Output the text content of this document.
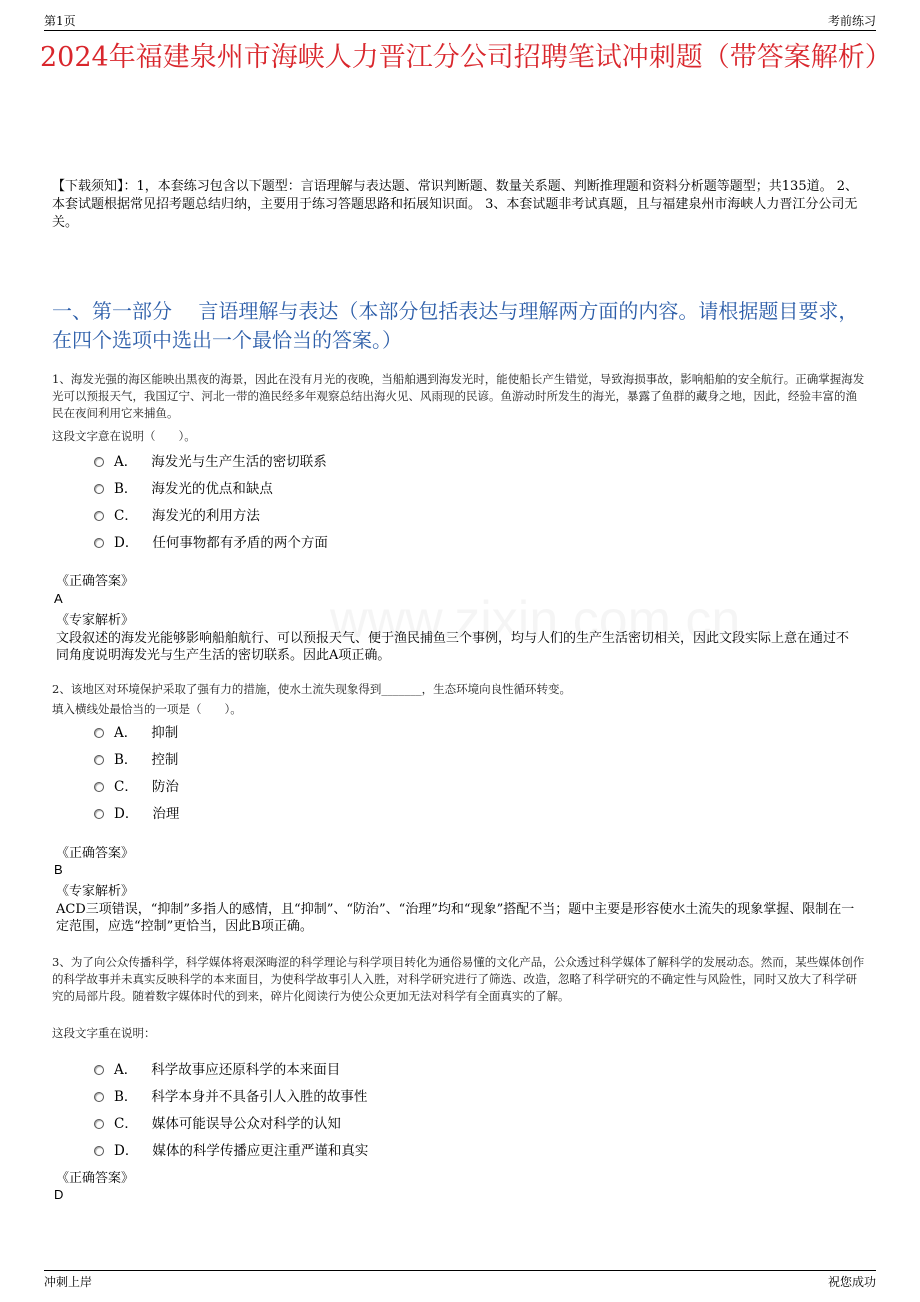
第1页	考前练习
2024年福建泉州市海峡人力晋江分公司招聘笔试冲刺题（带答案解析）
【下载须知】：1，本套练习包含以下题型：言语理解与表达题、常识判断题、数量关系题、判断推理题和资料分析题等题型；共135道。 2、本套试题根据常见招考题总结归纳，主要用于练习答题思路和拓展知识面。 3、本套试题非考试真题，且与福建泉州市海峡人力晋江分公司无关。
一、第一部分　 言语理解与表达（本部分包括表达与理解两方面的内容。请根据题目要求，在四个选项中选出一个最恰当的答案。）
1、海发光强的海区能映出黑夜的海景，因此在没有月光的夜晚，当船舶遇到海发光时，能使船长产生错觉，导致海损事故，影响船舶的安全航行。正确掌握海发光可以预报天气，我国辽宁、河北一带的渔民经多年观察总结出海火见、风雨现的民谚。鱼游动时所发生的海光，暴露了鱼群的藏身之地，因此，经验丰富的渔民在夜间利用它来捕鱼。
这段文字意在说明（　　）。
A． 海发光与生产生活的密切联系
B． 海发光的优点和缺点
C． 海发光的利用方法
D． 任何事物都有矛盾的两个方面
《正确答案》
A
《专家解析》
文段叙述的海发光能够影响船舶航行、可以预报天气、便于渔民捕鱼三个事例，均与人们的生产生活密切相关，因此文段实际上意在通过不同角度说明海发光与生产生活的密切联系。因此A项正确。
2、该地区对环境保护采取了强有力的措施，使水土流失现象得到_______，生态环境向良性循环转变。
填入横线处最恰当的一项是（　　）。
A． 抑制
B． 控制
C． 防治
D． 治理
《正确答案》
B
《专家解析》
ACD三项错误，“抑制”多指人的感情，且“抑制”、“防治”、“治理”均和“现象”搭配不当；题中主要是形容使水土流失的现象掌握、限制在一定范围，应选“控制”更恰当，因此B项正确。
3、为了向公众传播科学，科学媒体将艰深晦涩的科学理论与科学项目转化为通俗易懂的文化产品，公众透过科学媒体了解科学的发展动态。然而，某些媒体创作的科学故事并未真实反映科学的本来面目，为使科学故事引人入胜，对科学研究进行了筛选、改造，忽略了科学研究的不确定性与风险性，同时又放大了科学研究的局部片段。随着数字媒体时代的到来，碎片化阅读行为使公众更加无法对科学有全面真实的了解。
这段文字重在说明：
A． 科学故事应还原科学的本来面目
B． 科学本身并不具备引人入胜的故事性
C． 媒体可能误导公众对科学的认知
D． 媒体的科学传播应更注重严谨和真实
《正确答案》
D
冲刺上岸	祝您成功
